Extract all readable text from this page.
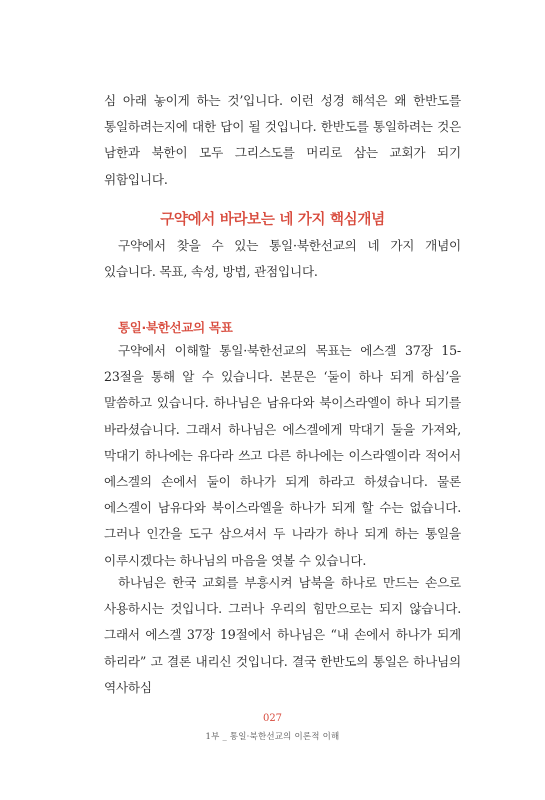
심 아래 놓이게 하는 것’입니다. 이런 성경 해석은 왜 한반도를 통일하려는지에 대한 답이 될 것입니다. 한반도를 통일하려는 것은 남한과 북한이 모두 그리스도를 머리로 삼는 교회가 되기 위함입니다.

구약에서 바라보는 네 가지 핵심개념

구약에서 찾을 수 있는 통일·북한선교의 네 가지 개념이 있습니다. 목표, 속성, 방법, 관점입니다.

통일·북한선교의 목표

구약에서 이해할 통일·북한선교의 목표는 에스겔 37장 15-23절을 통해 알 수 있습니다. 본문은 ‘둘이 하나 되게 하심’을 말씀하고 있습니다. 하나님은 남유다와 북이스라엘이 하나 되기를 바라셨습니다. 그래서 하나님은 에스겔에게 막대기 둘을 가져와, 막대기 하나에는 유다라 쓰고 다른 하나에는 이스라엘이라 적어서 에스겔의 손에서 둘이 하나가 되게 하라고 하셨습니다. 물론 에스겔이 남유다와 북이스라엘을 하나가 되게 할 수는 없습니다. 그러나 인간을 도구 삼으셔서 두 나라가 하나 되게 하는 통일을 이루시겠다는 하나님의 마음을 엿볼 수 있습니다.

하나님은 한국 교회를 부흥시켜 남북을 하나로 만드는 손으로 사용하시는 것입니다. 그러나 우리의 힘만으로는 되지 않습니다. 그래서 에스겔 37장 19절에서 하나님은 “내 손에서 하나가 되게 하리라” 고 결론 내리신 것입니다. 결국 한반도의 통일은 하나님의 역사하심

027
1부 _ 통일·북한선교의 이론적 이해
